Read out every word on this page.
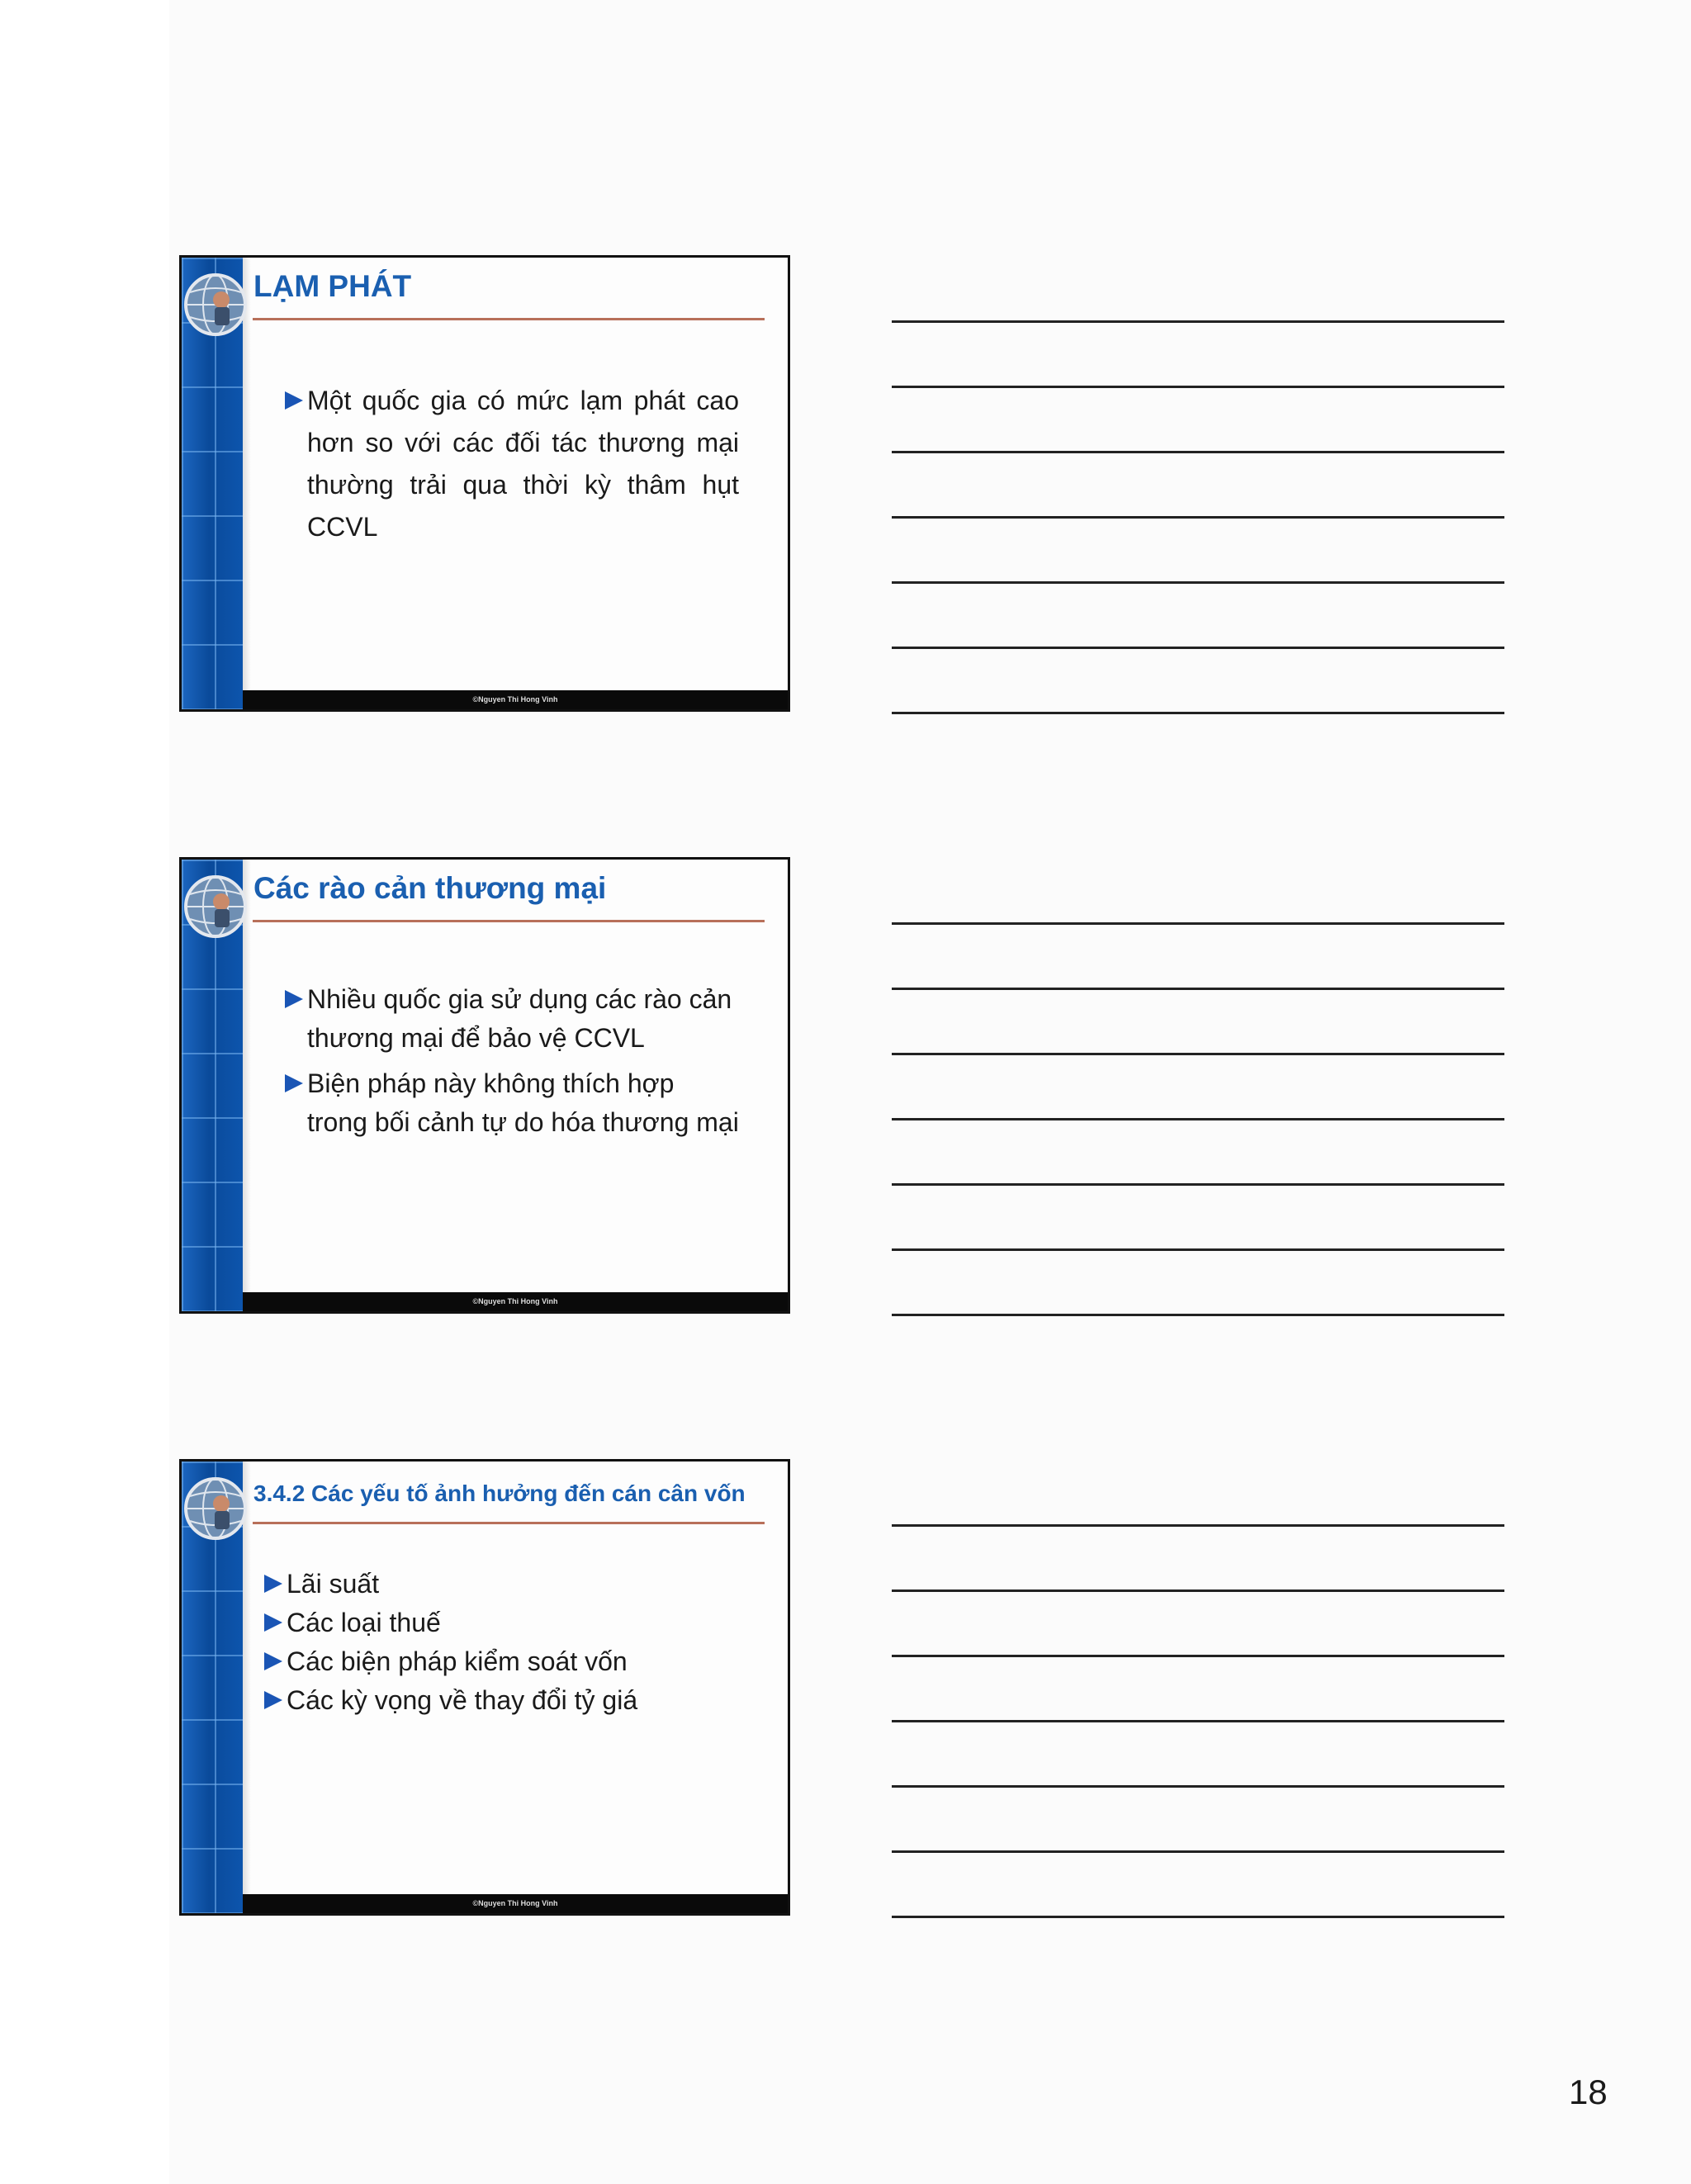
LẠM PHÁT
Một quốc gia có mức lạm phát cao hơn so với các đối tác thương mại thường trải qua thời kỳ thâm hụt CCVL
©Nguyen Thi Hong Vinh
Các rào cản thương mại
Nhiều quốc gia sử dụng các rào cản thương mại để bảo vệ CCVL
Biện pháp này không thích hợp trong bối cảnh tự do hóa thương mại
©Nguyen Thi Hong Vinh
3.4.2 Các yếu tố ảnh hưởng đến cán cân vốn
Lãi suất
Các loại thuế
Các biện pháp kiểm soát vốn
Các kỳ vọng về thay đổi tỷ giá
©Nguyen Thi Hong Vinh
18
